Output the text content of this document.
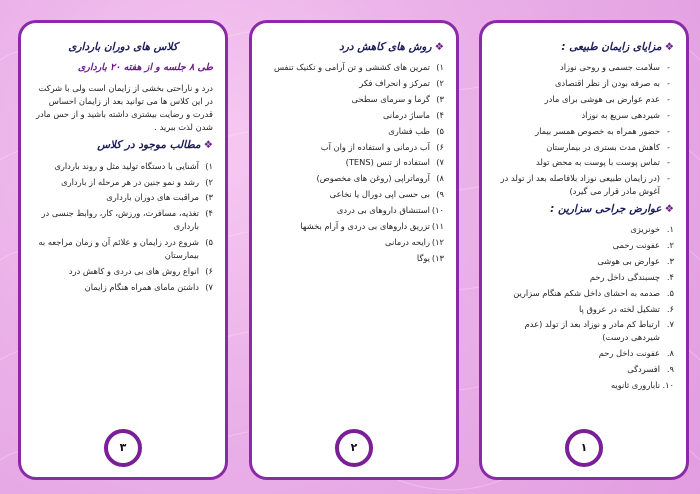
❖مزایای زایمان طبیعی :
- سلامت جسمی و روحی نوزاد
- به صرفه بودن از نظر اقتصادی
- عدم عوارض بی هوشی برای مادر
- شیردهی سریع به نوزاد
- حضور همراه به خصوص همسر بیمار
- کاهش مدت بستری در بیمارستان
- تماس پوست با پوست به محض تولد
- (در زایمان طبیعی نوزاد بلافاصله بعد از تولد در آغوش مادر قرار می گیرد)
❖عوارض جراحی سزارین :
۱.
خونریزی
۲.
عفونت رحمی
۳.
عوارض بی هوشی
۴.
چسبندگی داخل رحم
۵.
صدمه به احشای داخل شکم هنگام سزارین
۶.
تشکیل لخته در عروق پا
۷.
ارتباط کم مادر و نوزاد بعد از تولد (عدم شیردهی درست)
۸.
عفونت داخل رحم
۹.
افسردگی
۱۰.
ناباروری ثانویه
۱
❖روش های کاهش درد
۱)
تمرین های کششی و تن آرامی و تکنیک تنفس
۲)
تمرکز و انحراف فکر
۳)
گرما و سرمای سطحی
۴)
ماساژ درمانی
۵)
طب فشاری
۶)
آب درمانی و استفاده از وان آب
۷)
استفاده از تنس (TENS)
۸)
آروماتراپی (روغن های مخصوص)
۹)
بی حسی اپی دورال یا نخاعی
۱۰)
استنشاق داروهای بی دردی
۱۱)
تزریق داروهای بی دردی و آرام بخشها
۱۲)
رایحه درمانی
۱۳)
یوگا
۲
کلاس های دوران بارداری
طی ۸ جلسه و از هفته ۲۰ بارداری

درد و ناراحتی بخشی از زایمان است ولی با شرکت در این کلاس ها می توانید بعد از زایمان احساس قدرت و رضایت بیشتری داشته باشید و از حس مادر شدن لذت ببرید .

❖مطالب موجود در کلاس
۱)
آشنایی با دستگاه تولید مثل و روند بارداری
۲)
رشد و نمو جنین در هر مرحله از بارداری
۳)
مراقبت های دوران بارداری
۴)
تغذیه، مسافرت، ورزش، کار، روابط جنسی در بارداری
۵)
شروع درد زایمان و علائم آن و زمان مراجعه به بیمارستان
۶)
انواع روش های بی دردی و کاهش درد
۷)
داشتن مامای همراه هنگام زایمان
۳
